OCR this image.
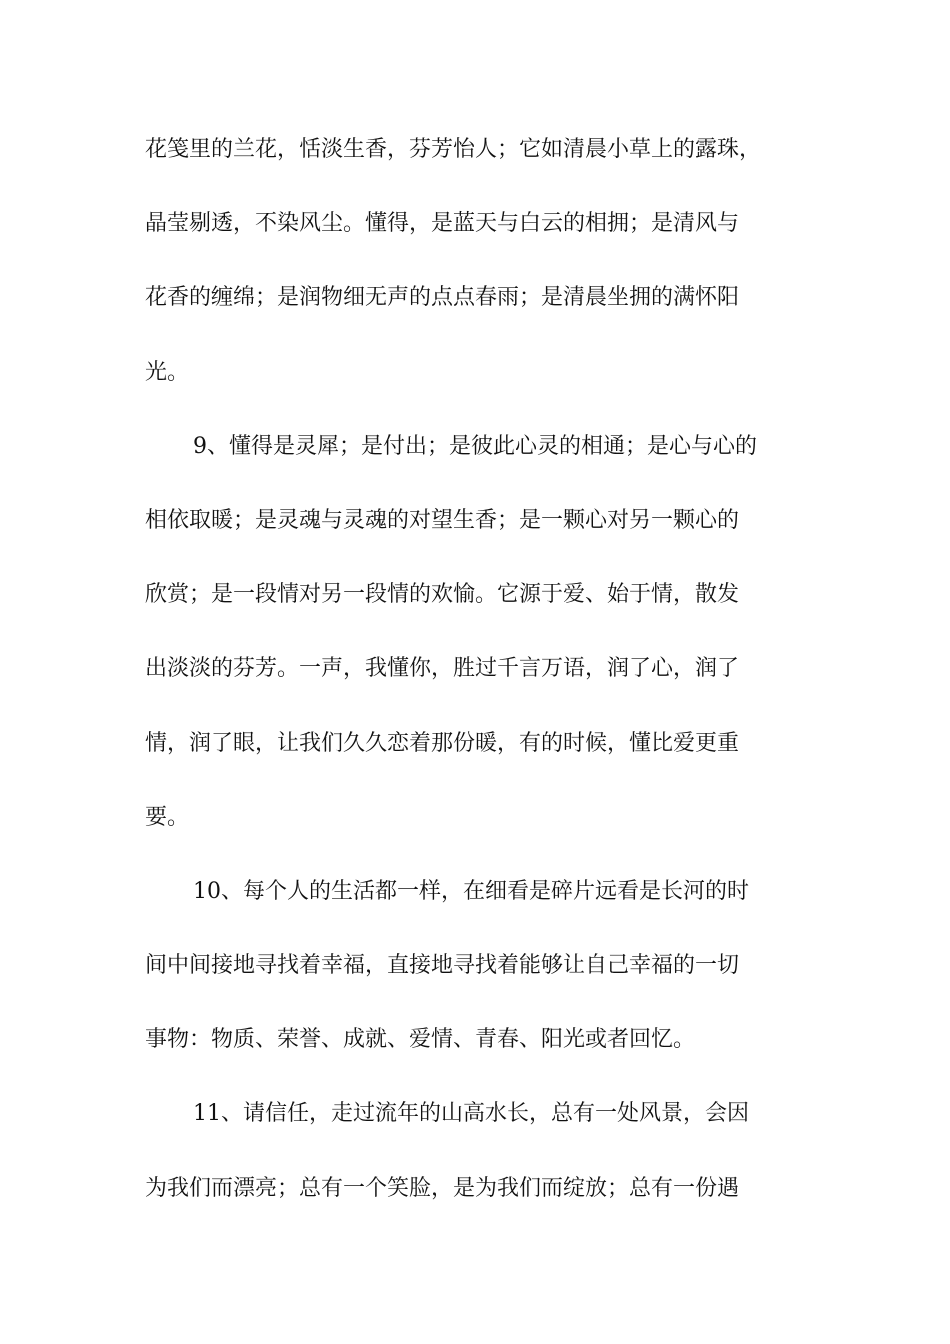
花笺里的兰花，恬淡生香，芬芳怡人；它如清晨小草上的露珠，
晶莹剔透，不染风尘。懂得，是蓝天与白云的相拥；是清风与
花香的缠绵；是润物细无声的点点春雨；是清晨坐拥的满怀阳
光。
9、懂得是灵犀；是付出；是彼此心灵的相通；是心与心的
相依取暖；是灵魂与灵魂的对望生香；是一颗心对另一颗心的
欣赏；是一段情对另一段情的欢愉。它源于爱、始于情，散发
出淡淡的芬芳。一声，我懂你，胜过千言万语，润了心，润了
情，润了眼，让我们久久恋着那份暖，有的时候，懂比爱更重
要。
10、每个人的生活都一样，在细看是碎片远看是长河的时
间中间接地寻找着幸福，直接地寻找着能够让自己幸福的一切
事物：物质、荣誉、成就、爱情、青春、阳光或者回忆。
11、请信任，走过流年的山高水长，总有一处风景，会因
为我们而漂亮；总有一个笑脸，是为我们而绽放；总有一份遇
